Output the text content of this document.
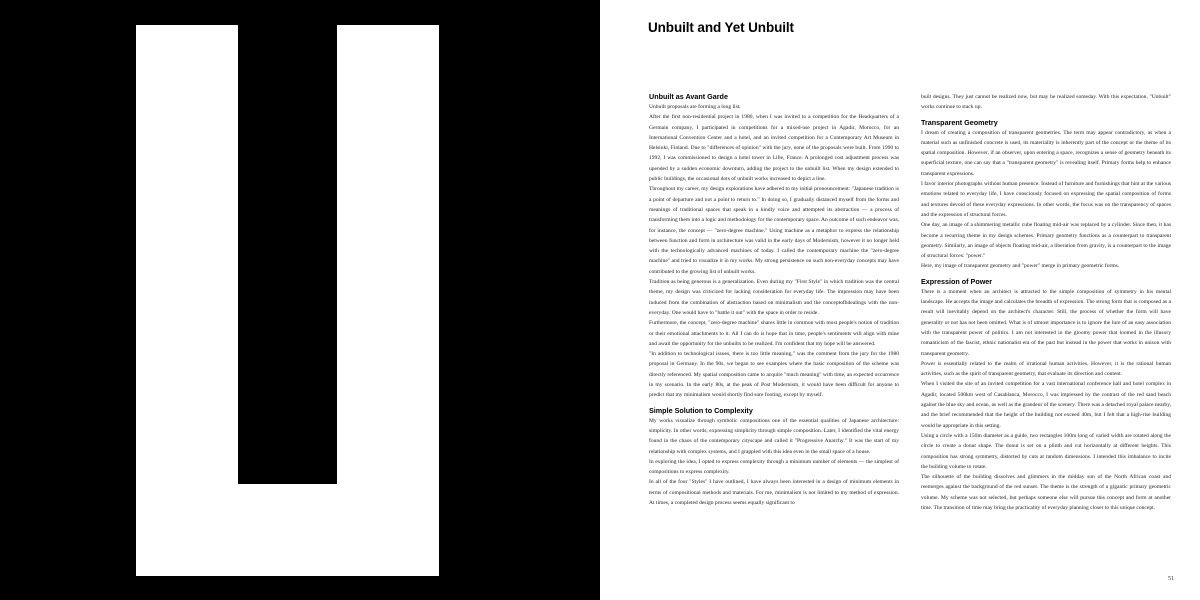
Unbuilt and Yet Unbuilt
Unbuilt as Avant Garde
Unbuilt proposals are forming a long list.
After the first non-residential project in 1980, when I was invited to a competition for the Headquarters of a Germain company, I participated in competitions for a mixed-use project in Agadir, Morocco, for an International Convention Center and a hotel, and an invited competition for a Contemporary Art Museum in Helsinki, Finland. Due to "differences of opinion" with the jury, none of the proposals were built. From 1990 to 1992, I was commissioned to design a hotel tower in Lille, France. A prolonged cost adjustment process was upended by a sudden economic downturn, adding the project to the unbuilt list. When my design extended to public buildings, the occasional dots of unbuilt works increased to depict a line.
Throughout my career, my design explorations have adhered to my initial pronouncement: "Japanese tradition is a point of departure and not a point to return to." In doing so, I gradually distanced myself from the forms and meanings of traditional spaces that speak in a kindly voice and attempted its abstraction — a process of transforming them into a logic and methodology for the contemporary space. An outcome of such endeavor was, for instance, the concept — "zero-degree machine." Using machine as a metaphor to express the relationship between function and form in architecture was valid in the early days of Modernism, however it no longer held with the technologically advanced machines of today. I called the contemporary machine the "zero-degree machine" and tried to visualize it in my works. My strong persistence on such non-everyday concepts may have contributed to the growing list of unbuilt works.
Tradition as being generous is a generalization. Even during my "First Style" in which tradition was the central theme, my design was criticized for lacking consideration for everyday life. The impression may have been induced from the combination of abstraction based on minimalism and the conceptofhdealings with the non-everyday. One would have to "battle it out" with the space in order to reside.
Furthermore, the concept, "zero-degree machine" shares little in common with most people's notion of tradition or their emotional attachments to it. All I can do is hope that in time, people's sentiments will align with mine and await the opportunity for the unbuilts to be realized. I'm confident that my hope will be answered.
"In addition to technological issues, there is too little meaning," was the comment from the jury for the 1980 proposal in Germany. In the 90s, we began to see examples where the basic composition of the scheme was directly referenced. My spatial composition came to acquire "much meaning" with time, an expected occurrence in my scenario. In the early 80s, at the peak of Post Modernism, it would have been difficult for anyone to predict that my minimalism would shortly find sure footing, except by myself.
Simple Solution to Complexity
My works visualize through symbolic compositions one of the essential qualities of Japanese architecture: simplicity. In other words, expressing simplicity through simple composition. Later, I identified the vital energy found in the chaos of the contemporary cityscape and called it "Progressive Anarchy." It was the start of my relationship with complex systems, and I grappled with this idea even in the small space of a house.
In exploring the idea, I opted to express complexity through a minimum number of elements — the simplest of compositions to express complexity.
In all of the four "Styles" I have outlined, I have always been interested in a design of minimum elements in terms of compositional methods and materials. For me, minimalism is not limited to my method of expression. At times, a completed design process seems equally significant to
built designs. They just cannot be realized now, but may be realized someday. With this expectation, "Unbuilt" works continue to stack up.
Transparent Geometry
I dream of creating a composition of transparent geometries. The term may appear contradictory, as when a material such as unfinished concrete is used, its materiality is inherently part of the concept or the theme of its spatial composition. However, if an observer, upon entering a space, recognizes a sense of geometry beneath its superficial texture, one can say that a "transparent geometry" is revealing itself. Primary forms help to enhance transparent expressions.
I favor interior photographs without human presence. Instead of furniture and furnishings that hint at the various emotions related to everyday life, I have consciously focused on expressing the spatial composition of forms and textures devoid of these everyday expressions. In other words, the focus was on the transparency of spaces and the expression of structural forces.
One day, an image of a shimmering metallic cube floating mid-air was replaced by a cylinder. Since then, it has become a recurring theme in my design schemes. Primary geometry functions as a counterpart to transparent geometry. Similarly, an image of objects floating mid-air, a liberation from gravity, is a counterpart to the image of structural forces: "power."
Here, my image of transparent geometry and "power" merge in primary geometric forms.
Expression of Power
There is a moment when an architect is attracted to the simple composition of symmetry in his mental landscape. He accepts the image and calculates the breadth of expression. The strong form that is composed as a result will inevitably depend on the architect's character. Still, the process of whether the form will have generality or not has not been omitted. What is of utmost importance is to ignore the lure of an easy association with the transparent power of politics. I am not interested in the gloomy power that loomed in the illusory romanticism of the fascist, ethnic nationalist era of the past but instead in the power that works in unison with transparent geometry.
Power is essentially related to the realm of irrational human activities. However, it is the rational human activities, such as the spirit of transparent geometry, that evaluate its direction and content.
When I visited the site of an invited competition for a vast international conference hall and hotel complex in Agadir, located 500km west of Casablanca, Morocco, I was impressed by the contrast of the red sand beach against the blue sky and ocean, as well as the grandeur of the scenery. There was a detached royal palace nearby, and the brief recommended that the height of the building not exceed 40m, but I felt that a high-rise building would be appropriate in this setting.
Using a circle with a 150m diameter as a guide, two rectangles 100m long of varied width are rotated along the circle to create a donut shape. The donut is set on a plinth and cut horizontally at different heights. This composition has strong symmetry, distorted by cuts at random dimensions. I intended this imbalance to incite the building volume to rotate.
The silhouette of the building dissolves and glimmers in the midday sun of the North African coast and reemerges against the background of the red sunset. The theme is the strength of a gigantic primary geometric volume. My scheme was not selected, but perhaps someone else will pursue this concept and form at another time. The transition of time may bring the practicality of everyday planning closer to this unique concept.
51
